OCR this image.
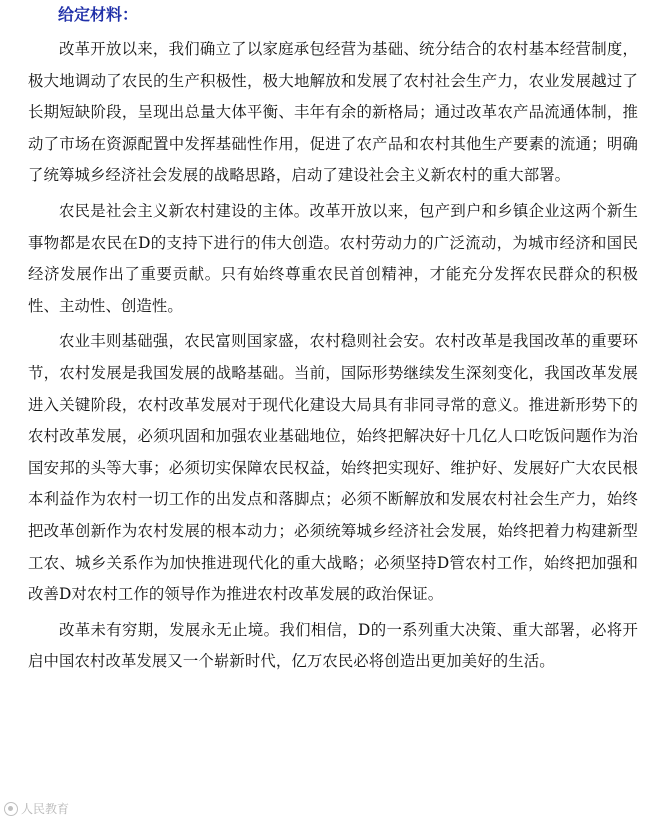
给定材料：

改革开放以来，我们确立了以家庭承包经营为基础、统分结合的农村基本经营制度，极大地调动了农民的生产积极性，极大地解放和发展了农村社会生产力，农业发展越过了长期短缺阶段，呈现出总量大体平衡、丰年有余的新格局；通过改革农产品流通体制，推动了市场在资源配置中发挥基础性作用，促进了农产品和农村其他生产要素的流通；明确了统筹城乡经济社会发展的战略思路，启动了建设社会主义新农村的重大部署。

农民是社会主义新农村建设的主体。改革开放以来，包产到户和乡镇企业这两个新生事物都是农民在D的支持下进行的伟大创造。农村劳动力的广泛流动，为城市经济和国民经济发展作出了重要贡献。只有始终尊重农民首创精神，才能充分发挥农民群众的积极性、主动性、创造性。

农业丰则基础强，农民富则国家盛，农村稳则社会安。农村改革是我国改革的重要环节，农村发展是我国发展的战略基础。当前，国际形势继续发生深刻变化，我国改革发展进入关键阶段，农村改革发展对于现代化建设大局具有非同寻常的意义。推进新形势下的农村改革发展，必须巩固和加强农业基础地位，始终把解决好十几亿人口吃饭问题作为治国安邦的头等大事；必须切实保障农民权益，始终把实现好、维护好、发展好广大农民根本利益作为农村一切工作的出发点和落脚点；必须不断解放和发展农村社会生产力，始终把改革创新作为农村发展的根本动力；必须统筹城乡经济社会发展，始终把着力构建新型工农、城乡关系作为加快推进现代化的重大战略；必须坚持D管农村工作，始终把加强和改善D对农村工作的领导作为推进农村改革发展的政治保证。

改革未有穷期，发展永无止境。我们相信，D的一系列重大决策、重大部署，必将开启中国农村改革发展又一个崭新时代，亿万农民必将创造出更加美好的生活。

人民教育
